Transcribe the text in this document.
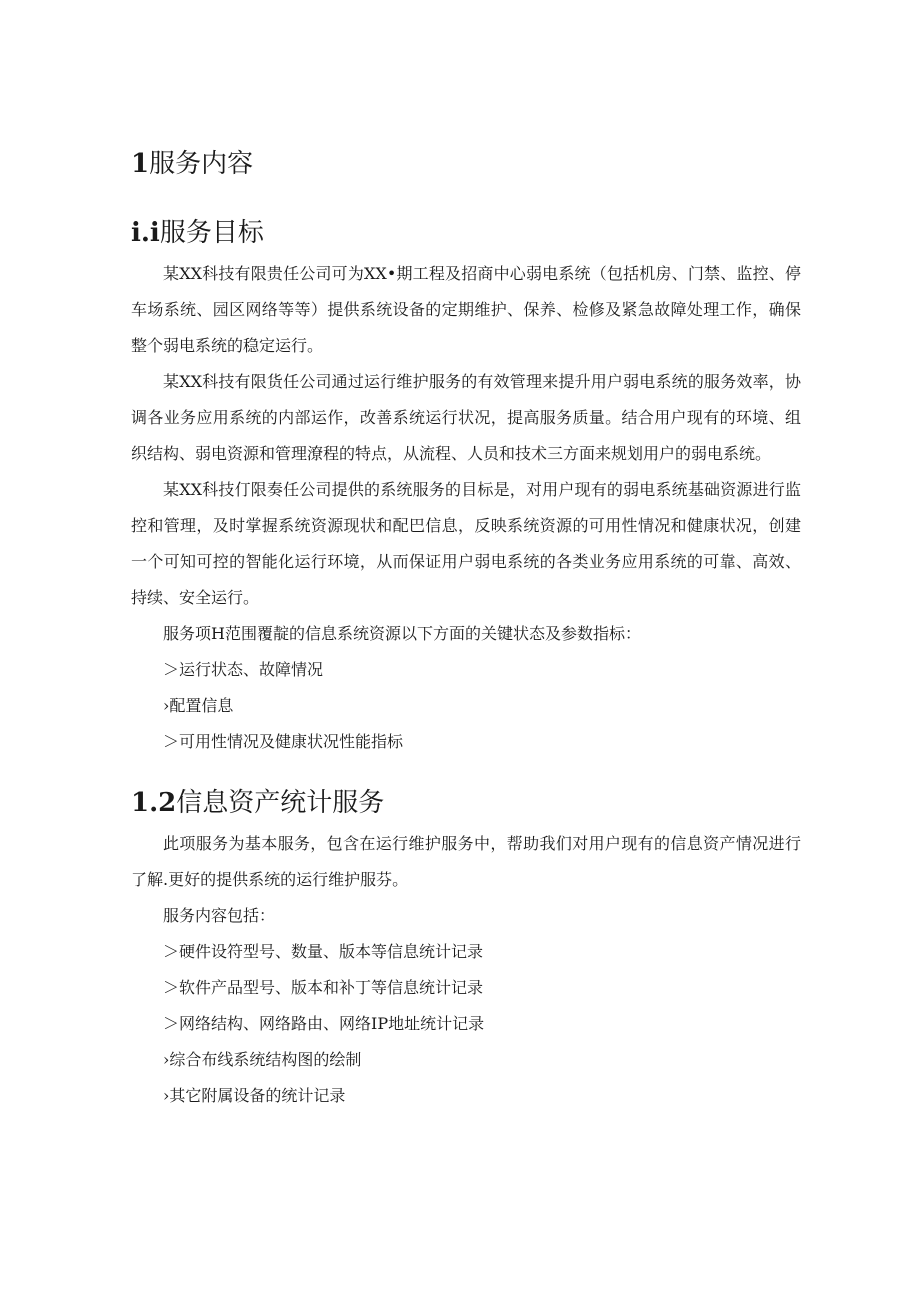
1服务内容
i.i服务目标

某XX科技有限贵任公司可为XX•期工程及招商中心弱电系统（包括机房、门禁、监控、停车场系统、园区网络等等）提供系统设备的定期维护、保养、检修及紧急故障处理工作，确保整个弱电系统的稳定运行。

某XX科技有限货任公司通过运行维护服务的有效管理来提升用户弱电系统的服务效率，协调各业务应用系统的内部运作，改善系统运行状况，提高服务质量。结合用户现有的环境、组织结构、弱电资源和管理潦程的特点，从流程、人员和技术三方面来规划用户的弱电系统。

某XX科技仃限奏任公司提供的系统服务的目标是，对用户现有的弱电系统基础资源进行监控和管理，及时掌握系统资源现状和配巴信息，反映系统资源的可用性情况和健康状况，创建一个可知可控的智能化运行环境，从而保证用户弱电系统的各类业务应用系统的可靠、高效、持续、安全运行。

服务项H范围覆靛的信息系统资源以下方面的关键状态及参数指标：

＞运行状态、故障情况

›配置信息

＞可用性情况及健康状况性能指标

1.2信息资产统计服务

此项服务为基本服务，包含在运行维护服务中，帮助我们对用户现有的信息资产情况进行了解.更好的提供系统的运行维护服芬。

服务内容包括：

＞硬件设符型号、数量、版本等信息统计记录

＞软件产品型号、版本和补丁等信息统计记录

＞网络结构、网络路由、网络IP地址统计记录

›综合布线系统结构图的绘制

›其它附属设备的统计记录
